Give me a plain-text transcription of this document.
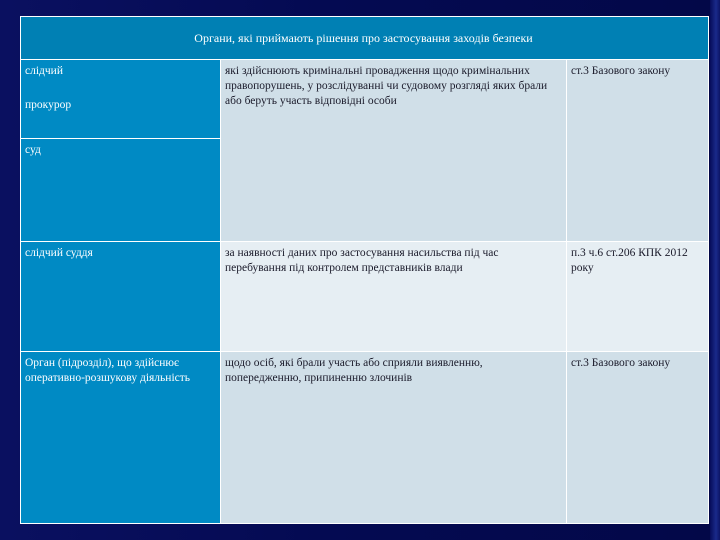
Органи, які приймають рішення про застосування заходів безпеки		

слідчий
прокурор
суд	які здійснюють кримінальні провадження щодо кримінальних правопорушень, у розслідуванні чи судовому розгляді яких брали або беруть участь відповідні особи	ст.3 Базового закону

слідчий суддя	за наявності даних про застосування насильства під час перебування під контролем представників влади	п.3 ч.6 ст.206 КПК 2012 року

Орган (підрозділ), що здійснює оперативно-розшукову діяльність	щодо осіб, які брали участь або сприяли виявленню, попередженню, припиненню злочинів	ст.3 Базового закону
